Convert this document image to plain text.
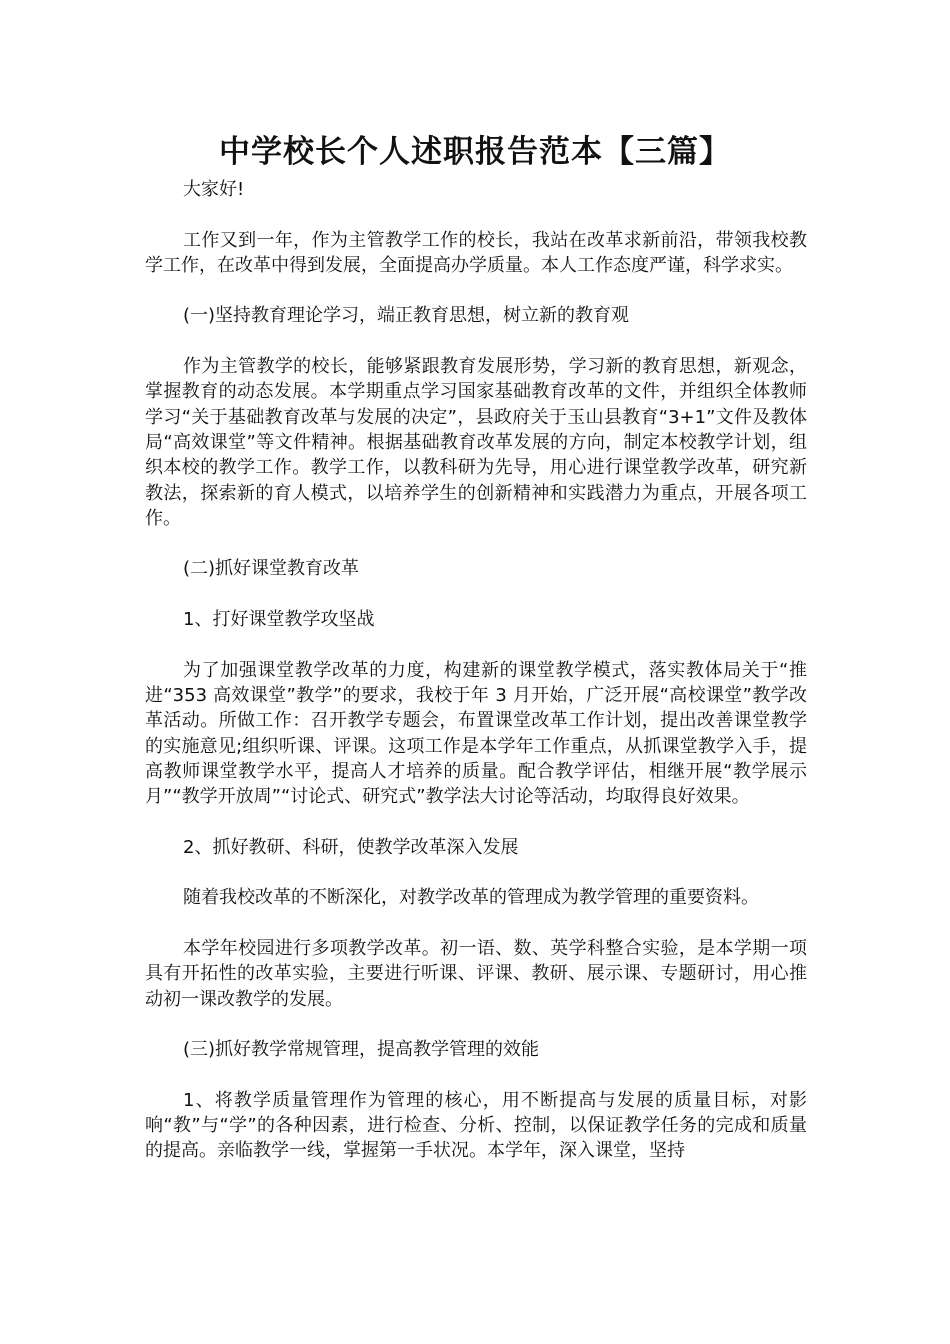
中学校长个人述职报告范本【三篇】

大家好!

工作又到一年，作为主管教学工作的校长，我站在改革求新前沿，带领我校教学工作，在改革中得到发展，全面提高办学质量。本人工作态度严谨，科学求实。

(一)坚持教育理论学习，端正教育思想，树立新的教育观

作为主管教学的校长，能够紧跟教育发展形势，学习新的教育思想，新观念，掌握教育的动态发展。本学期重点学习国家基础教育改革的文件，并组织全体教师学习“关于基础教育改革与发展的决定”，县政府关于玉山县教育“3+1”文件及教体局“高效课堂”等文件精神。根据基础教育改革发展的方向，制定本校教学计划，组织本校的教学工作。教学工作，以教科研为先导，用心进行课堂教学改革，研究新教法，探索新的育人模式，以培养学生的创新精神和实践潜力为重点，开展各项工作。

(二)抓好课堂教育改革

1、打好课堂教学攻坚战

为了加强课堂教学改革的力度，构建新的课堂教学模式，落实教体局关于“推进“353 高效课堂”教学”的要求，我校于年 3 月开始，广泛开展“高校课堂”教学改革活动。所做工作：召开教学专题会，布置课堂改革工作计划，提出改善课堂教学的实施意见;组织听课、评课。这项工作是本学年工作重点，从抓课堂教学入手，提高教师课堂教学水平，提高人才培养的质量。配合教学评估，相继开展“教学展示月”“教学开放周”“讨论式、研究式”教学法大讨论等活动，均取得良好效果。

2、抓好教研、科研，使教学改革深入发展

随着我校改革的不断深化，对教学改革的管理成为教学管理的重要资料。

本学年校园进行多项教学改革。初一语、数、英学科整合实验，是本学期一项具有开拓性的改革实验，主要进行听课、评课、教研、展示课、专题研讨，用心推动初一课改教学的发展。

(三)抓好教学常规管理，提高教学管理的效能

1、将教学质量管理作为管理的核心，用不断提高与发展的质量目标，对影响“教”与“学”的各种因素，进行检查、分析、控制，以保证教学任务的完成和质量的提高。亲临教学一线，掌握第一手状况。本学年，深入课堂，坚持
